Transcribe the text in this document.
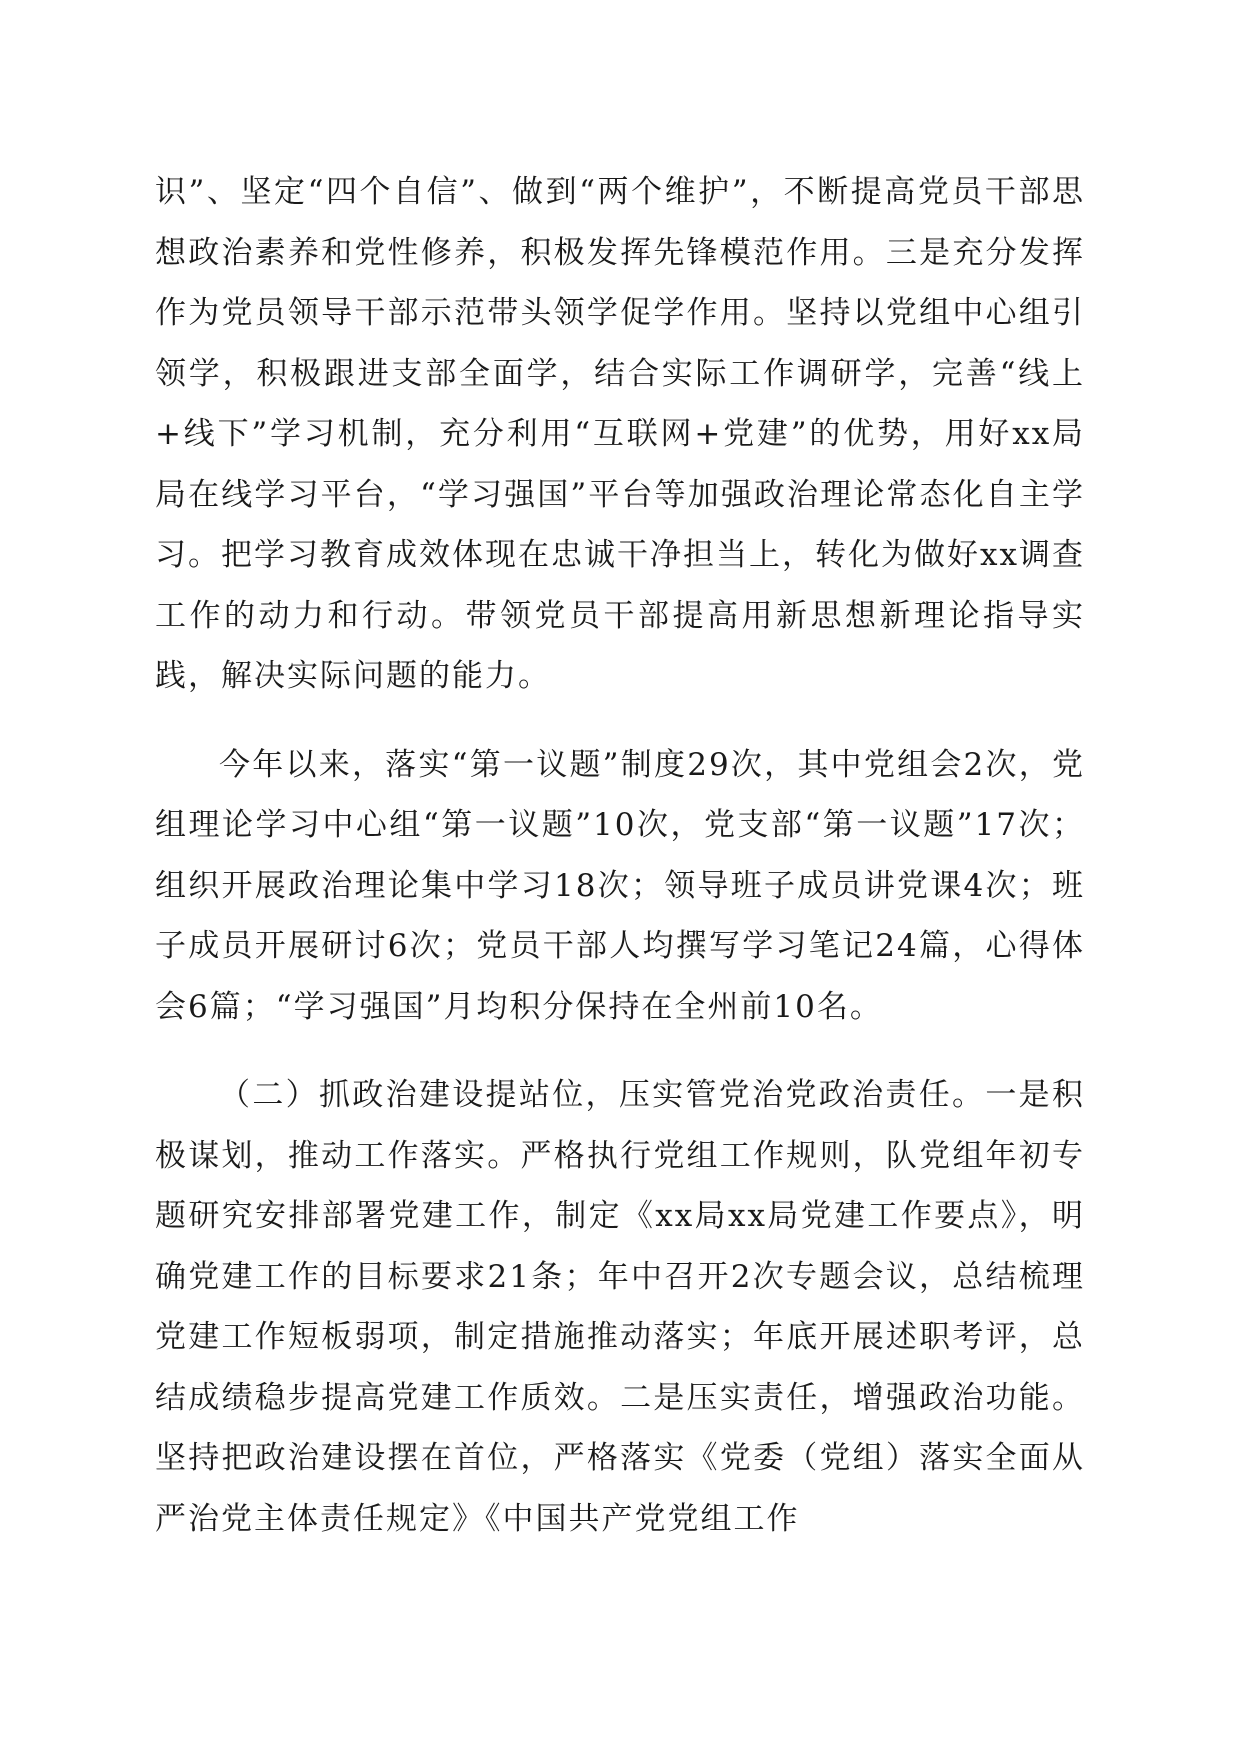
识”、坚定“四个自信”、做到“两个维护”，不断提高党员干部思想政治素养和党性修养，积极发挥先锋模范作用。三是充分发挥作为党员领导干部示范带头领学促学作用。坚持以党组中心组引领学，积极跟进支部全面学，结合实际工作调研学，完善“线上+线下”学习机制，充分利用“互联网+党建”的优势，用好xx局局在线学习平台，“学习强国”平台等加强政治理论常态化自主学习。把学习教育成效体现在忠诚干净担当上，转化为做好xx调查工作的动力和行动。带领党员干部提高用新思想新理论指导实践，解决实际问题的能力。

今年以来，落实“第一议题”制度29次，其中党组会2次，党组理论学习中心组“第一议题”10次，党支部“第一议题”17次；组织开展政治理论集中学习18次；领导班子成员讲党课4次；班子成员开展研讨6次；党员干部人均撰写学习笔记24篇，心得体会6篇；“学习强国”月均积分保持在全州前10名。

（二）抓政治建设提站位，压实管党治党政治责任。一是积极谋划，推动工作落实。严格执行党组工作规则，队党组年初专题研究安排部署党建工作，制定《xx局xx局党建工作要点》，明确党建工作的目标要求21条；年中召开2次专题会议，总结梳理党建工作短板弱项，制定措施推动落实；年底开展述职考评，总结成绩稳步提高党建工作质效。二是压实责任，增强政治功能。坚持把政治建设摆在首位，严格落实《党委（党组）落实全面从严治党主体责任规定》《中国共产党党组工作
